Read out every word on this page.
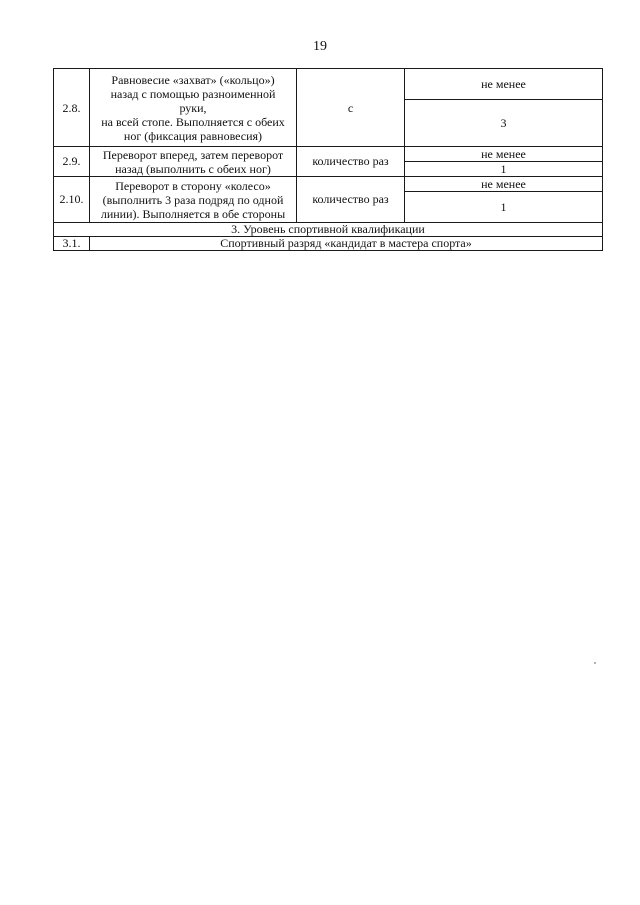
19
2.8.	Равновесие «захват» («кольцо»)
назад с помощью разноименной
руки,
на всей стопе. Выполняется с обеих
ног (фиксация равновесия)	с	не менее
			3
2.9.	Переворот вперед, затем переворот
назад (выполнить с обеих ног)	количество раз	не менее
			1
2.10.	Переворот в сторону «колесо»
(выполнить 3 раза подряд по одной
линии). Выполняется в обе стороны	количество раз	не менее
			1
3. Уровень спортивной квалификации			
3.1.	Спортивный разряд «кандидат в мастера спорта»		
